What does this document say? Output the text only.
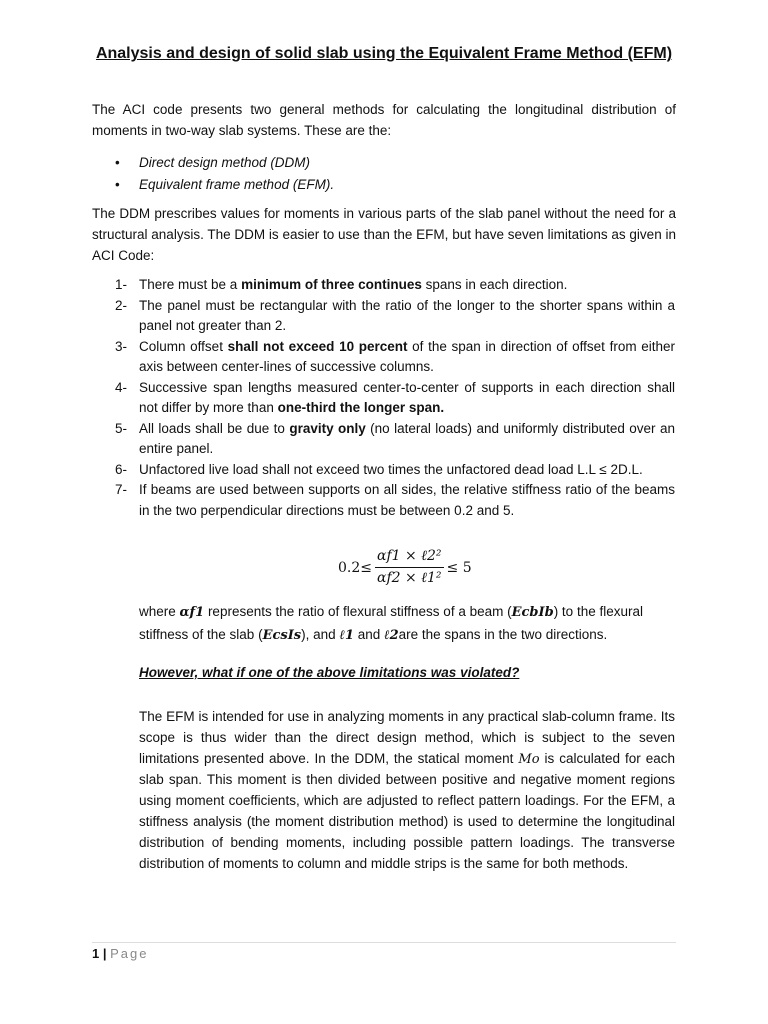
Analysis and design of solid slab using the Equivalent Frame Method (EFM)
The ACI code presents two general methods for calculating the longitudinal distribution of moments in two-way slab systems. These are the:
• Direct design method (DDM)
• Equivalent frame method (EFM).
The DDM prescribes values for moments in various parts of the slab panel without the need for a structural analysis. The DDM is easier to use than the EFM, but have seven limitations as given in ACI Code:
1- There must be a minimum of three continues spans in each direction.
2- The panel must be rectangular with the ratio of the longer to the shorter spans within a panel not greater than 2.
3- Column offset shall not exceed 10 percent of the span in direction of offset from either axis between center-lines of successive columns.
4- Successive span lengths measured center-to-center of supports in each direction shall not differ by more than one-third the longer span.
5- All loads shall be due to gravity only (no lateral loads) and uniformly distributed over an entire panel.
6- Unfactored live load shall not exceed two times the unfactored dead load L.L ≤ 2D.L.
7- If beams are used between supports on all sides, the relative stiffness ratio of the beams in the two perpendicular directions must be between 0.2 and 5.
$0.2\le \frac{\text{αf1 × ℓ2²}}{\text{αf2 × ℓ1²}} \le 5$
where αf1 represents the ratio of flexural stiffness of a beam (EcbIb) to the flexural stiffness of the slab (EcsIs), and ℓ1 and ℓ2are the spans in the two directions.
However, what if one of the above limitations was violated?
The EFM is intended for use in analyzing moments in any practical slab-column frame. Its scope is thus wider than the direct design method, which is subject to the seven limitations presented above. In the DDM, the statical moment Mo is calculated for each slab span. This moment is then divided between positive and negative moment regions using moment coefficients, which are adjusted to reflect pattern loadings. For the EFM, a stiffness analysis (the moment distribution method) is used to determine the longitudinal distribution of bending moments, including possible pattern loadings. The transverse distribution of moments to column and middle strips is the same for both methods.
1 | Page
